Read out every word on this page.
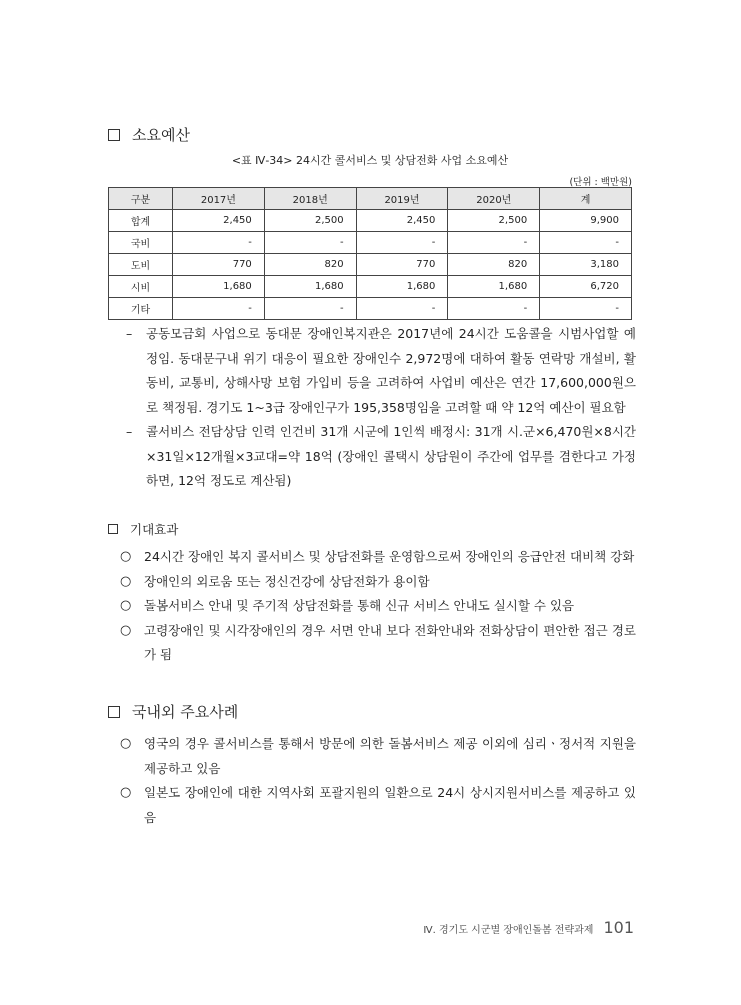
소요예산
<표 Ⅳ-34> 24시간 콜서비스 및 상담전화 사업 소요예산
(단위 : 백만원)
구분	2017년	2018년	2019년	2020년	계
합계	2,450	2,500	2,450	2,500	9,900
국비	-	-	-	-	-
도비	770	820	770	820	3,180
시비	1,680	1,680	1,680	1,680	6,720
기타	-	-	-	-	-
–	공동모금회 사업으로 동대문 장애인복지관은 2017년에 24시간 도움콜을 시범사업할 예정임. 동대문구내 위기 대응이 필요한 장애인수 2,972명에 대하여 활동 연락망 개설비, 활동비, 교통비, 상해사망 보험 가입비 등을 고려하여 사업비 예산은 연간 17,600,000원으로 책정됨. 경기도 1~3급 장애인구가 195,358명임을 고려할 때 약 12억 예산이 필요함
–	콜서비스 전담상담 인력 인건비 31개 시군에 1인씩 배정시: 31개 시.군×6,470원×8시간×31일×12개월×3교대=약 18억 (장애인 콜택시 상담원이 주간에 업무를 겸한다고 가정하면, 12억 정도로 계산됨)
기대효과
○	24시간 장애인 복지 콜서비스 및 상담전화를 운영함으로써 장애인의 응급안전 대비책 강화
○	장애인의 외로움 또는 정신건강에 상담전화가 용이함
○	돌봄서비스 안내 및 주기적 상담전화를 통해 신규 서비스 안내도 실시할 수 있음
○	고령장애인 및 시각장애인의 경우 서면 안내 보다 전화안내와 전화상담이 편안한 접근 경로가 됨
국내외 주요사례
○	영국의 경우 콜서비스를 통해서 방문에 의한 돌봄서비스 제공 이외에 심리ㆍ정서적 지원을 제공하고 있음
○	일본도 장애인에 대한 지역사회 포괄지원의 일환으로 24시 상시지원서비스를 제공하고 있음
Ⅳ. 경기도 시군별 장애인돌봄 전략과제 101
